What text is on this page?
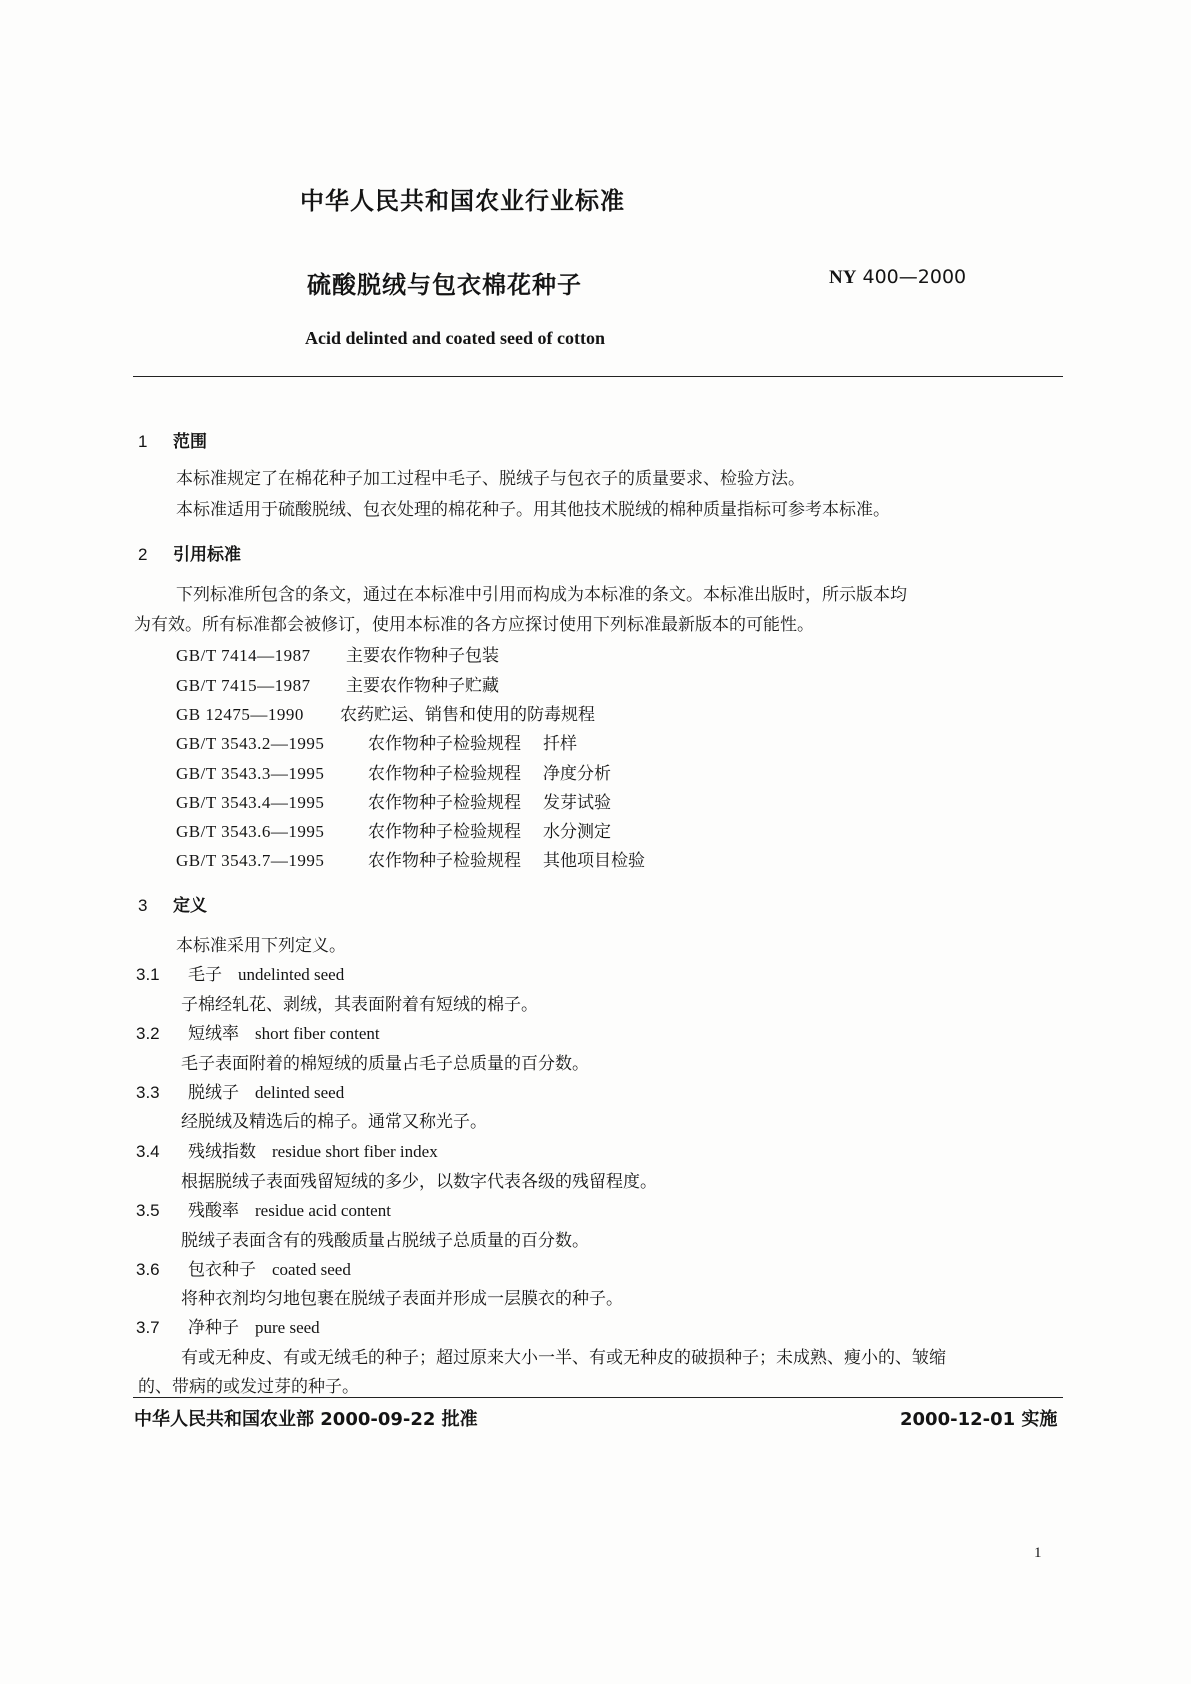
中华人民共和国农业行业标准
硫酸脱绒与包衣棉花种子	NY 400—2000
Acid delinted and coated seed of cotton
1 范围
本标准规定了在棉花种子加工过程中毛子、脱绒子与包衣子的质量要求、检验方法。
本标准适用于硫酸脱绒、包衣处理的棉花种子。用其他技术脱绒的棉种质量指标可参考本标准。
2 引用标准
下列标准所包含的条文，通过在本标准中引用而构成为本标准的条文。本标准出版时，所示版本均
为有效。所有标准都会被修订，使用本标准的各方应探讨使用下列标准最新版本的可能性。
GB/T 7414—1987 主要农作物种子包装
GB/T 7415—1987 主要农作物种子贮藏
GB 12475—1990 农药贮运、销售和使用的防毒规程
GB/T 3543.2—1995	农作物种子检验规程 扦样
GB/T 3543.3—1995	农作物种子检验规程 净度分析
GB/T 3543.4—1995	农作物种子检验规程 发芽试验
GB/T 3543.6—1995	农作物种子检验规程 水分测定
GB/T 3543.7—1995	农作物种子检验规程 其他项目检验
3 定义
本标准采用下列定义。
3.1 毛子 undelinted seed
子棉经轧花、剥绒，其表面附着有短绒的棉子。
3.2 短绒率 short fiber content
毛子表面附着的棉短绒的质量占毛子总质量的百分数。
3.3 脱绒子 delinted seed
经脱绒及精选后的棉子。通常又称光子。
3.4 残绒指数 residue short fiber index
根据脱绒子表面残留短绒的多少，以数字代表各级的残留程度。
3.5 残酸率 residue acid content
脱绒子表面含有的残酸质量占脱绒子总质量的百分数。
3.6 包衣种子 coated seed
将种衣剂均匀地包裹在脱绒子表面并形成一层膜衣的种子。
3.7 净种子 pure seed
有或无种皮、有或无绒毛的种子；超过原来大小一半、有或无种皮的破损种子；未成熟、瘦小的、皱缩
的、带病的或发过芽的种子。
中华人民共和国农业部 2000-09-22 批准	2000-12-01 实施
1
